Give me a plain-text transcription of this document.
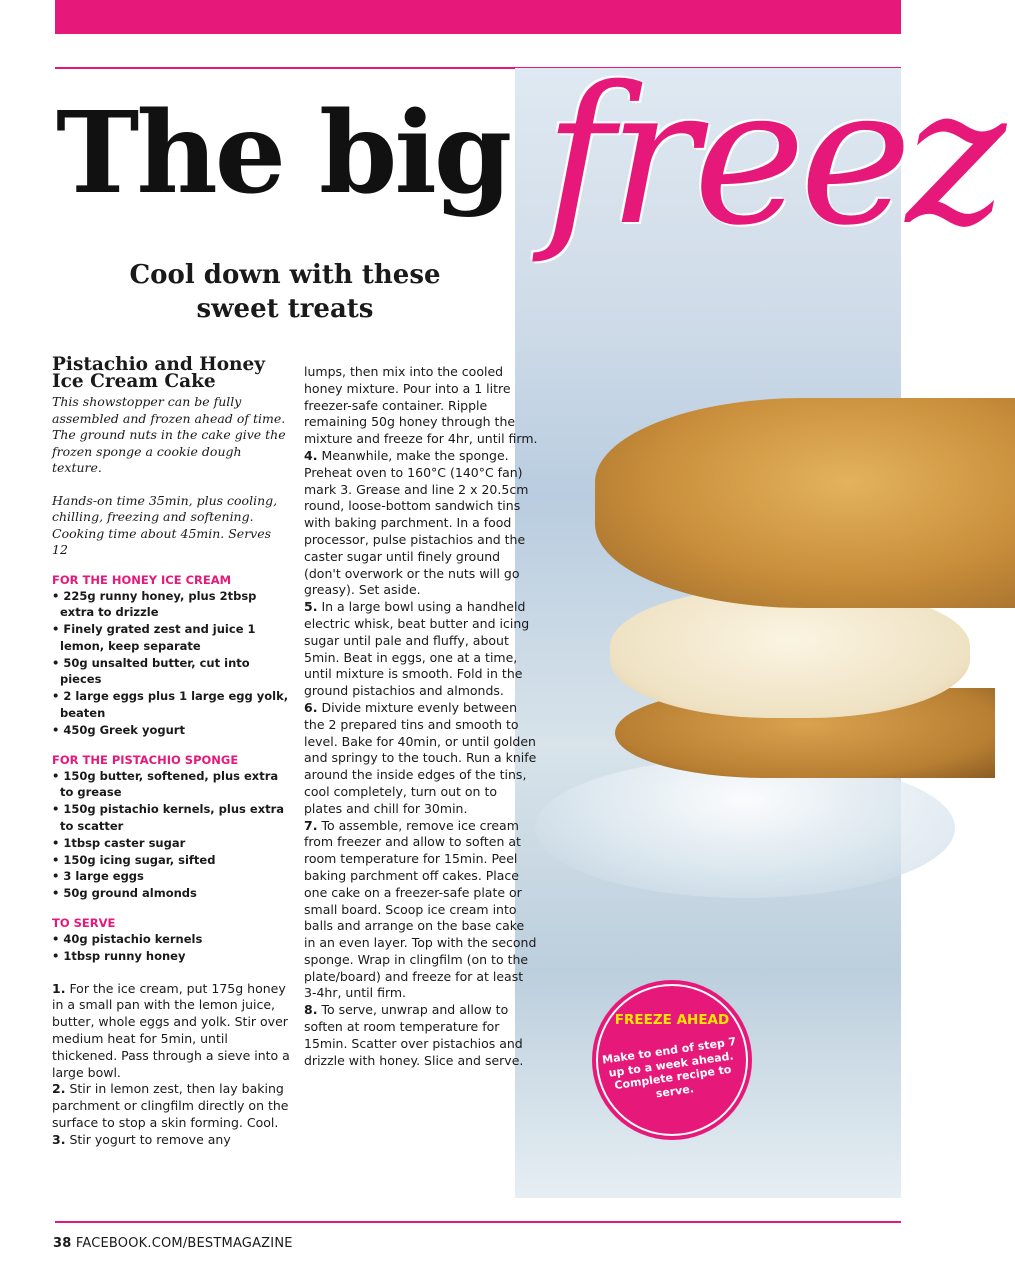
The big freez
Cool down with these sweet treats
Pistachio and Honey Ice Cream Cake

This showstopper can be fully assembled and frozen ahead of time. The ground nuts in the cake give the frozen sponge a cookie dough texture.

Hands-on time 35min, plus cooling, chilling, freezing and softening. Cooking time about 45min. Serves 12

FOR THE HONEY ICE CREAM
• 225g runny honey, plus 2tbsp extra to drizzle
• Finely grated zest and juice 1 lemon, keep separate
• 50g unsalted butter, cut into pieces
• 2 large eggs plus 1 large egg yolk, beaten
• 450g Greek yogurt
FOR THE PISTACHIO SPONGE
• 150g butter, softened, plus extra to grease
• 150g pistachio kernels, plus extra to scatter
• 1tbsp caster sugar
• 150g icing sugar, sifted
• 3 large eggs
• 50g ground almonds
TO SERVE
• 40g pistachio kernels
• 1tbsp runny honey

1. For the ice cream, put 175g honey in a small pan with the lemon juice, butter, whole eggs and yolk. Stir over medium heat for 5min, until thickened. Pass through a sieve into a large bowl.
2. Stir in lemon zest, then lay baking parchment or clingfilm directly on the surface to stop a skin forming. Cool.
3. Stir yogurt to remove any

lumps, then mix into the cooled honey mixture. Pour into a 1 litre freezer-safe container. Ripple remaining 50g honey through the mixture and freeze for 4hr, until firm.
4. Meanwhile, make the sponge. Preheat oven to 160°C (140°C fan) mark 3. Grease and line 2 x 20.5cm round, loose-bottom sandwich tins with baking parchment. In a food processor, pulse pistachios and the caster sugar until finely ground (don't overwork or the nuts will go greasy). Set aside.
5. In a large bowl using a handheld electric whisk, beat butter and icing sugar until pale and fluffy, about 5min. Beat in eggs, one at a time, until mixture is smooth. Fold in the ground pistachios and almonds.
6. Divide mixture evenly between the 2 prepared tins and smooth to level. Bake for 40min, or until golden and springy to the touch. Run a knife around the inside edges of the tins, cool completely, turn out on to plates and chill for 30min.
7. To assemble, remove ice cream from freezer and allow to soften at room temperature for 15min. Peel baking parchment off cakes. Place one cake on a freezer-safe plate or small board. Scoop ice cream into balls and arrange on the base cake in an even layer. Top with the second sponge. Wrap in clingfilm (on to the plate/board) and freeze for at least 3-4hr, until firm.
8. To serve, unwrap and allow to soften at room temperature for 15min. Scatter over pistachios and drizzle with honey. Slice and serve.

FREEZE AHEAD
Make to end of step 7 up to a week ahead. Complete recipe to serve.
38 FACEBOOK.COM/BESTMAGAZINE
